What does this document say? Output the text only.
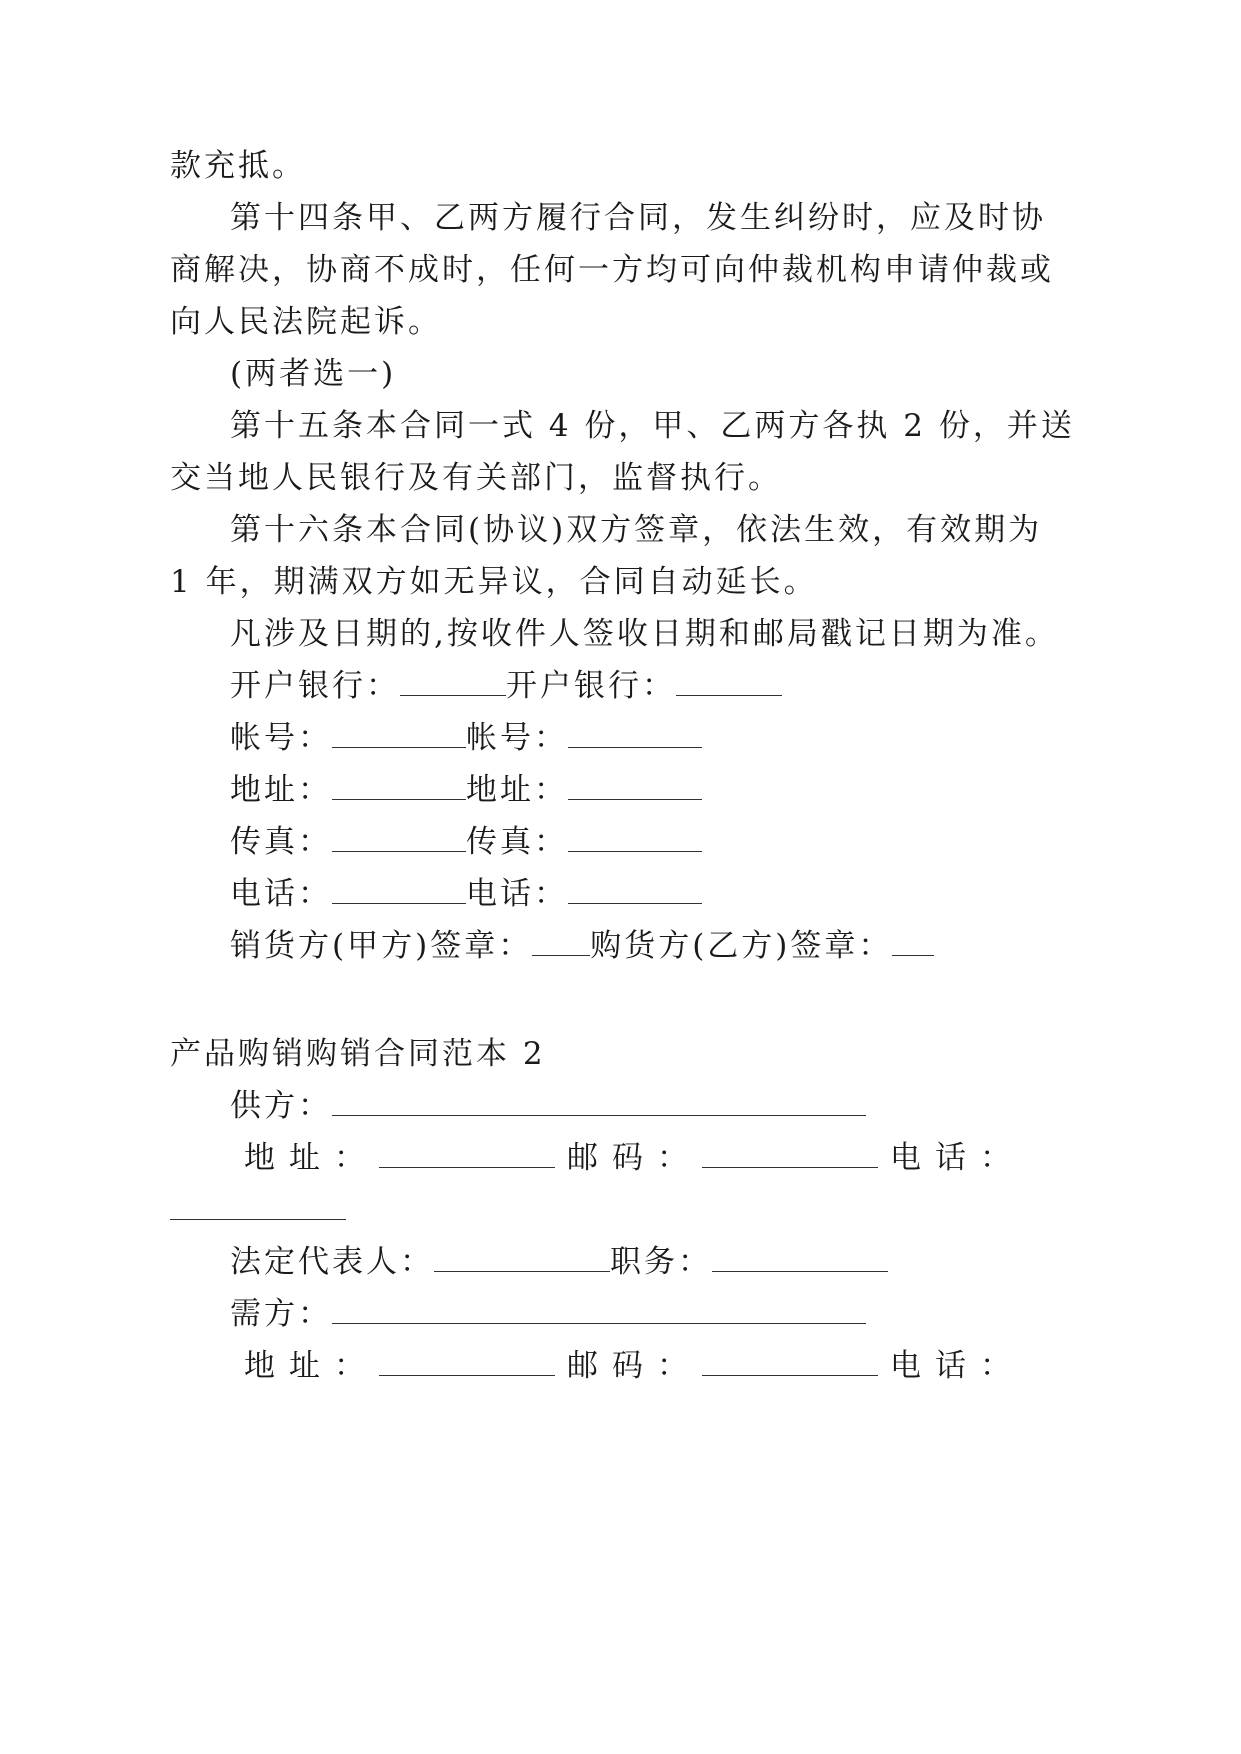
款充抵。
第十四条甲、乙两方履行合同，发生纠纷时，应及时协
商解决，协商不成时，任何一方均可向仲裁机构申请仲裁或
向人民法院起诉。
(两者选一)
第十五条本合同一式 4 份，甲、乙两方各执 2 份，并送
交当地人民银行及有关部门，监督执行。
第十六条本合同(协议)双方签章，依法生效，有效期为
1 年，期满双方如无异议，合同自动延长。
凡涉及日期的,按收件人签收日期和邮局戳记日期为准。
开户银行：	开户银行：
帐号：	帐号：
地址：	地址：
传真：	传真：
电话：	电话：
销货方(甲方)签章： 购货方(乙方)签章：
产品购销购销合同范本 2
供方：
地址：	邮码：	电话：
法定代表人：	职务：
需方：
地址：	邮码：	电话：
